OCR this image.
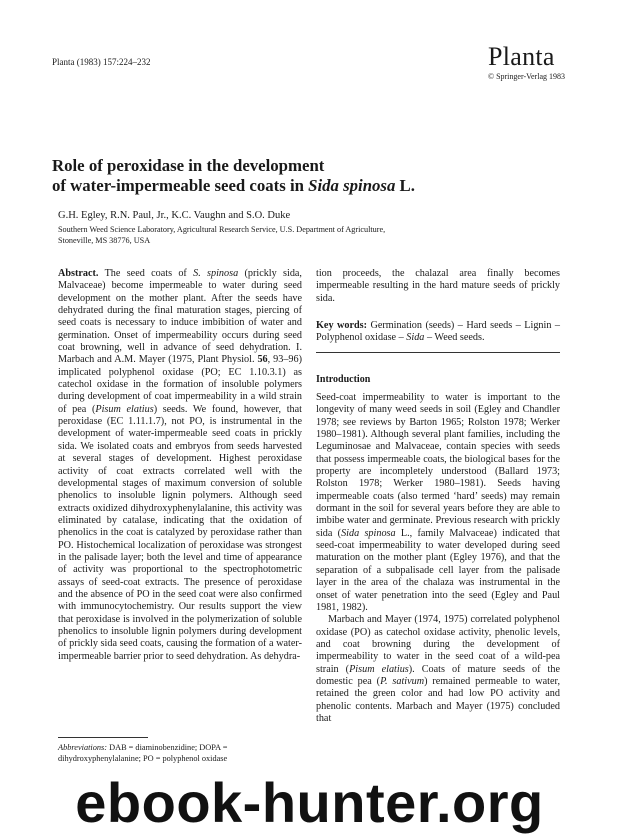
Planta (1983) 157:224–232	Planta
© Springer-Verlag 1983
Role of peroxidase in the development
of water-impermeable seed coats in Sida spinosa L.
G.H. Egley, R.N. Paul, Jr., K.C. Vaughn and S.O. Duke
Southern Weed Science Laboratory, Agricultural Research Service, U.S. Department of Agriculture,
Stoneville, MS 38776, USA

Abstract. The seed coats of S. spinosa (prickly sida, Malvaceae) become impermeable to water during seed development on the mother plant. After the seeds have dehydrated during the final maturation stages, piercing of seed coats is necessary to induce imbibition of water and germination. Onset of impermeability occurs during seed coat browning, well in advance of seed dehydration. I. Marbach and A.M. Mayer (1975, Plant Physiol. 56, 93–96) implicated polyphenol oxidase (PO; EC 1.10.3.1) as catechol oxidase in the formation of insoluble polymers during development of coat impermeability in a wild strain of pea (Pisum elatius) seeds. We found, however, that peroxidase (EC 1.11.1.7), not PO, is instrumental in the development of water-impermeable seed coats in prickly sida. We isolated coats and embryos from seeds harvested at several stages of development. Highest peroxidase activity of coat extracts correlated well with the developmental stages of maximum conversion of soluble phenolics to insoluble lignin polymers. Although seed extracts oxidized dihydroxyphenylalanine, this activity was eliminated by catalase, indicating that the oxidation of phenolics in the coat is catalyzed by peroxidase rather than PO. Histochemical localization of peroxidase was strongest in the palisade layer; both the level and time of appearance of activity was proportional to the spectrophotometric assays of seed-coat extracts. The presence of peroxidase and the absence of PO in the seed coat were also confirmed with immunocytochemistry. Our results support the view that peroxidase is involved in the polymerization of soluble phenolics to insoluble lignin polymers during development of prickly sida seed coats, causing the formation of a water-impermeable barrier prior to seed dehydration. As dehydra-

tion proceeds, the chalazal area finally becomes impermeable resulting in the hard mature seeds of prickly sida.

Key words: Germination (seeds) – Hard seeds – Lignin – Polyphenol oxidase – Sida – Weed seeds.

Introduction

Seed-coat impermeability to water is important to the longevity of many weed seeds in soil (Egley and Chandler 1978; see reviews by Barton 1965; Rolston 1978; Werker 1980–1981). Although several plant families, including the Leguminosae and Malvaceae, contain species with seeds that possess impermeable coats, the biological bases for the property are incompletely understood (Ballard 1973; Rolston 1978; Werker 1980–1981). Seeds having impermeable coats (also termed ‘hard’ seeds) may remain dormant in the soil for several years before they are able to imbibe water and germinate. Previous research with prickly sida (Sida spinosa L., family Malvaceae) indicated that seed-coat impermeability to water developed during seed maturation on the mother plant (Egley 1976), and that the separation of a subpalisade cell layer from the palisade layer in the area of the chalaza was instrumental in the onset of water penetration into the seed (Egley and Paul 1981, 1982).

Marbach and Mayer (1974, 1975) correlated polyphenol oxidase (PO) as catechol oxidase activity, phenolic levels, and coat browning during the development of impermeability to water in the seed coat of a wild-pea strain (Pisum elatius). Coats of mature seeds of the domestic pea (P. sativum) remained permeable to water, retained the green color and had low PO activity and phenolic contents. Marbach and Mayer (1975) concluded that

Abbreviations: DAB = diaminobenzidine; DOPA = dihydroxyphenylalanine; PO = polyphenol oxidase
ebook-hunter.org
